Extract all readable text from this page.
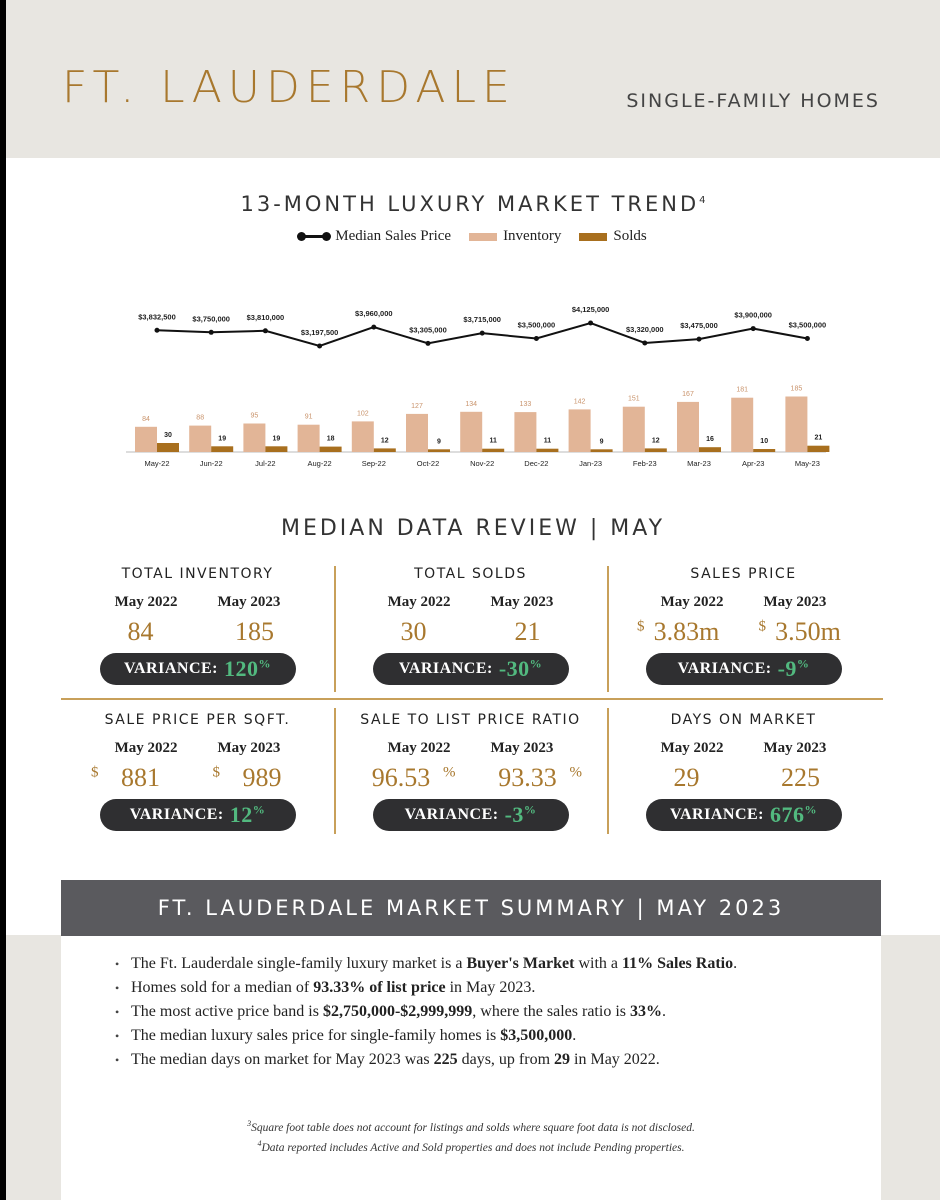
FT. LAUDERDALE	SINGLE-FAMILY HOMES
13-MONTH LUXURY MARKET TREND$^4$
Median Sales Price	Inventory	Solds
84
30
May-22
88
19
Jun-22
95
19
Jul-22
91
18
Aug-22
102
12
Sep-22
127
9
Oct-22
134
11
Nov-22
133
11
Dec-22
142
9
Jan-23
151
12
Feb-23
167
16
Mar-23
181
10
Apr-23
185
21
May-23
$3,832,500 $3,750,000 $3,810,000
$3,197,500
$3,960,000
$3,305,000
$3,715,000
$3,500,000
$4,125,000
$3,320,000 $3,475,000
$3,900,000
$3,500,000
MEDIAN DATA REVIEW | MAY
TOTAL INVENTORY
May 2022	May 2023
84	185
VARIANCE: 120%
TOTAL SOLDS
May 2022	May 2023
30	21
VARIANCE: -30%
SALES PRICE
May 2022	May 2023
$ 3.83m	$ 3.50m
VARIANCE: -9%
SALE PRICE PER SQFT.
May 2022	May 2023
$ 881	$ 989
VARIANCE: 12%
SALE TO LIST PRICE RATIO
May 2022	May 2023
96.53 %	93.33 %
VARIANCE: -3%
DAYS ON MARKET
May 2022	May 2023
29	225
VARIANCE: 676%
FT. LAUDERDALE MARKET SUMMARY | MAY 2023
• The Ft. Lauderdale single-family luxury market is a Buyer's Market with a 11% Sales Ratio.
• Homes sold for a median of 93.33% of list price in May 2023.
• The most active price band is $2,750,000-$2,999,999, where the sales ratio is 33%.
• The median luxury sales price for single-family homes is $3,500,000.
• The median days on market for May 2023 was 225 days, up from 29 in May 2022.
$^3$Square foot table does not account for listings and solds where square foot data is not disclosed.
$^4$Data reported includes Active and Sold properties and does not include Pending properties.
